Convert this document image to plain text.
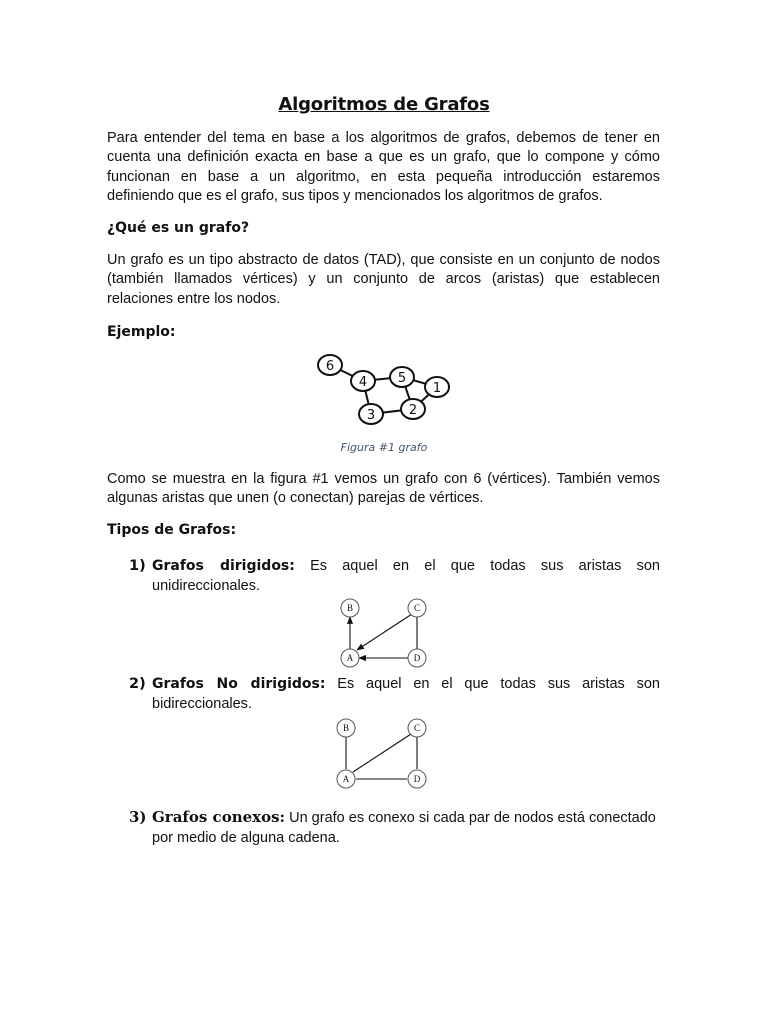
Algoritmos de Grafos
Para entender del tema en base a los algoritmos de grafos, debemos de tener en cuenta una definición exacta en base a que es un grafo, que lo compone y cómo funcionan en base a un algoritmo, en esta pequeña introducción estaremos definiendo que es el grafo, sus tipos y mencionados los algoritmos de grafos.
¿Qué es un grafo?
Un grafo es un tipo abstracto de datos (TAD), que consiste en un conjunto de nodos (también llamados vértices) y un conjunto de arcos (aristas) que establecen relaciones entre los nodos.
Ejemplo:
6
4 5
1
3	2
Figura #1 grafo
Como se muestra en la figura #1 vemos un grafo con 6 (vértices). También vemos algunas aristas que unen (o conectan) parejas de vértices.
Tipos de Grafos:
1) Grafos dirigidos: Es aquel en el que todas sus aristas son unidireccionales.
B	C
A	D
2) Grafos No dirigidos: Es aquel en el que todas sus aristas son bidireccionales.
B	C
A	D
3) Grafos conexos: Un grafo es conexo si cada par de nodos está conectado por medio de alguna cadena.
